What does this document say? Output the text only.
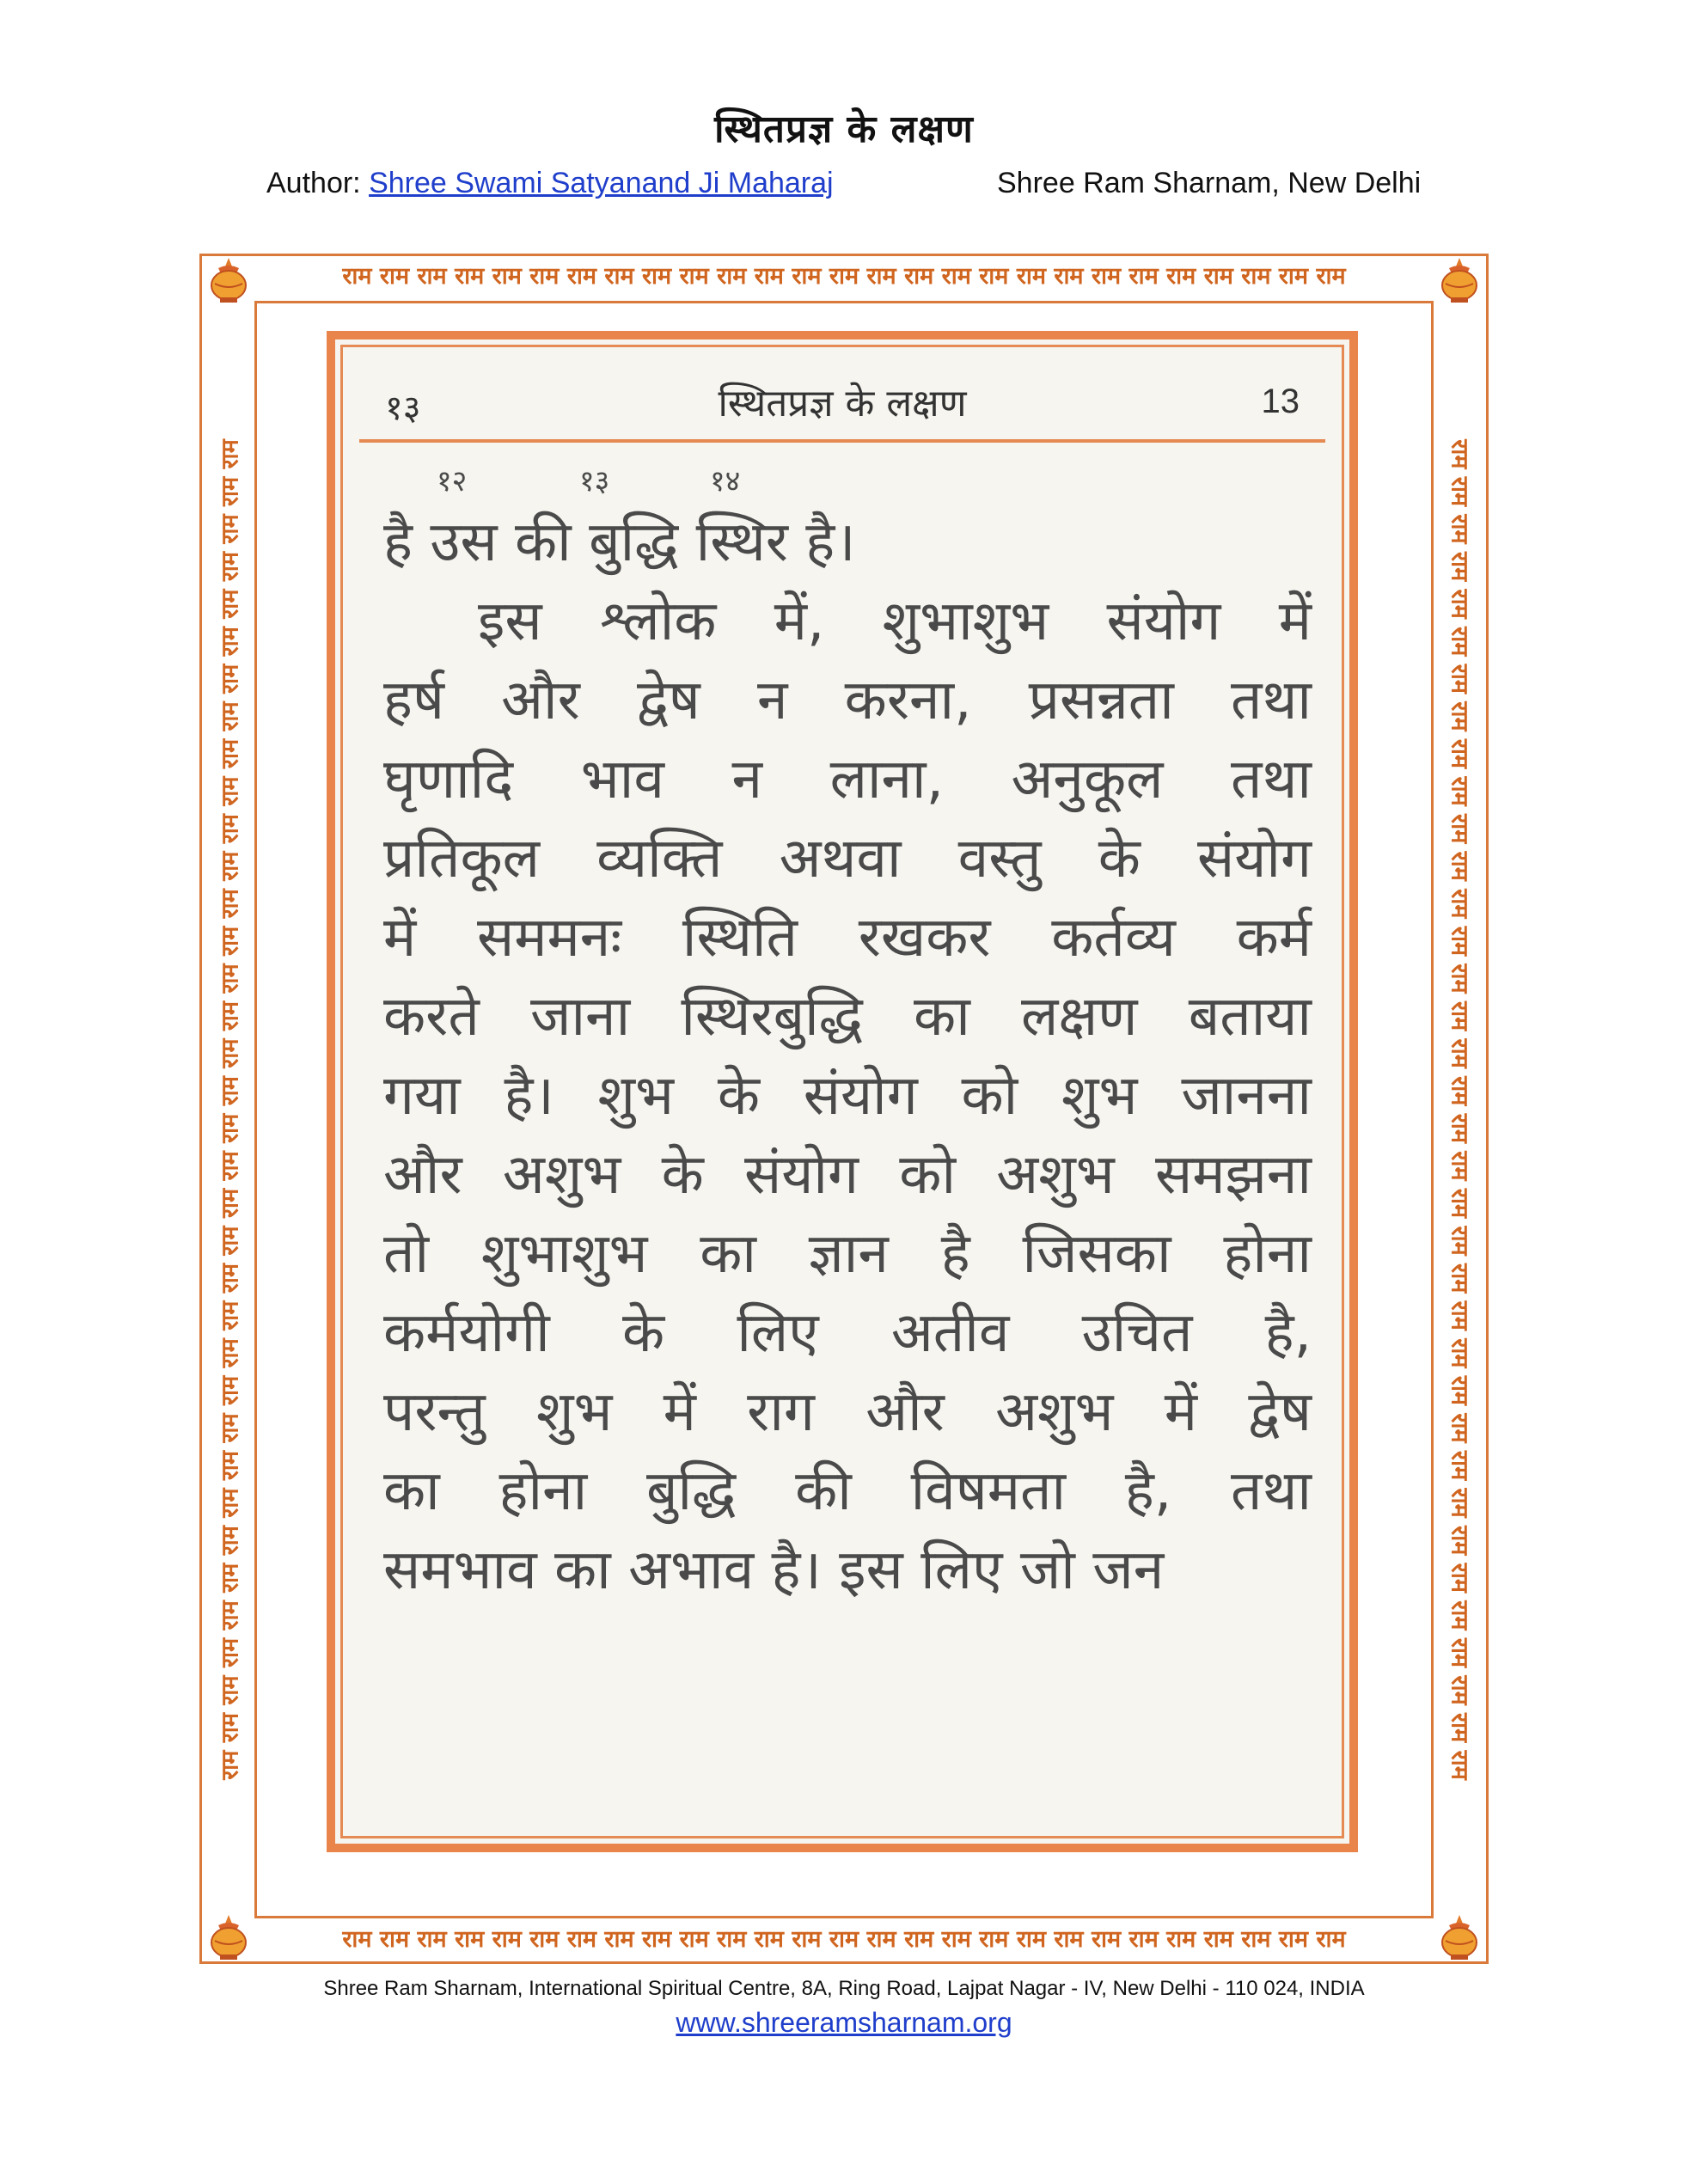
स्थितप्रज्ञ के लक्षण
Author: Shree Swami Satyanand Ji Maharaj	Shree Ram Sharnam, New Delhi
राम राम राम राम राम राम राम राम राम राम राम राम राम राम राम राम राम राम राम राम राम राम राम राम राम राम राम
राम राम राम राम राम राम राम राम राम राम राम राम राम राम राम राम राम राम राम राम राम राम राम राम राम राम राम
राम राम राम राम राम राम राम राम राम राम राम राम राम राम राम राम राम राम राम राम राम राम राम राम राम राम राम राम राम राम राम राम राम राम राम राम	राम राम राम राम राम राम राम राम राम राम राम राम राम राम राम राम राम राम राम राम राम राम राम राम राम राम राम राम राम राम राम राम राम राम राम राम
१३	स्थितप्रज्ञ के लक्षण	13
१२	१३	१४
है उस की बुद्धि स्थिर है।
इस श्लोक में, शुभाशुभ संयोग में
हर्ष और द्वेष न करना, प्रसन्नता तथा
घृणादि भाव न लाना, अनुकूल तथा
प्रतिकूल व्यक्ति अथवा वस्तु के संयोग
में सममनः स्थिति रखकर कर्तव्य कर्म
करते जाना स्थिरबुद्धि का लक्षण बताया
गया है। शुभ के संयोग को शुभ जानना
और अशुभ के संयोग को अशुभ समझना
तो शुभाशुभ का ज्ञान है जिसका होना
कर्मयोगी के लिए अतीव उचित है,
परन्तु शुभ में राग और अशुभ में द्वेष
का होना बुद्धि की विषमता है, तथा
समभाव का अभाव है। इस लिए जो जन
Shree Ram Sharnam, International Spiritual Centre, 8A, Ring Road, Lajpat Nagar - IV, New Delhi - 110 024, INDIA
www.shreeramsharnam.org
